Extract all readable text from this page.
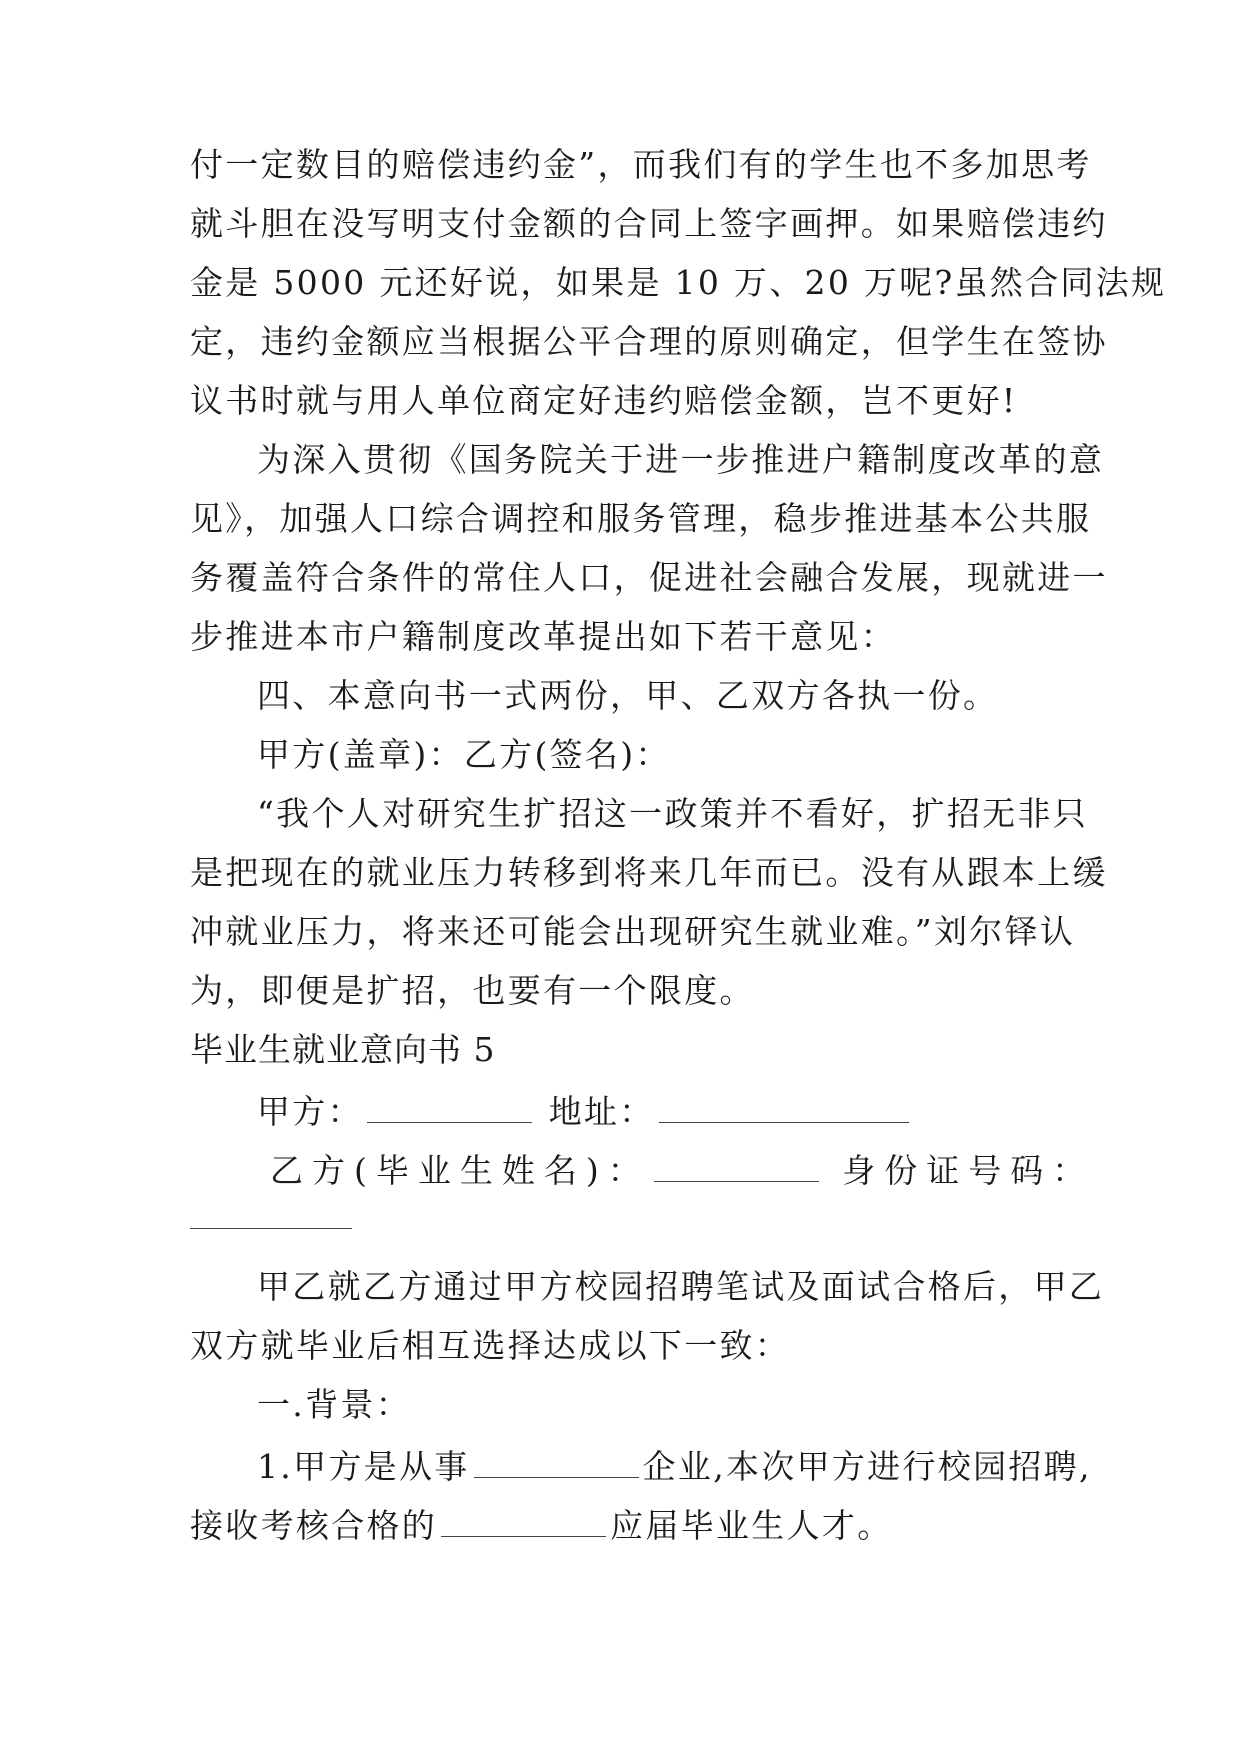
付一定数目的赔偿违约金”，而我们有的学生也不多加思考
就斗胆在没写明支付金额的合同上签字画押。如果赔偿违约
金是 5000 元还好说，如果是 10 万、20 万呢?虽然合同法规
定，违约金额应当根据公平合理的原则确定，但学生在签协
议书时就与用人单位商定好违约赔偿金额，岂不更好!
为深入贯彻《国务院关于进一步推进户籍制度改革的意
见》，加强人口综合调控和服务管理，稳步推进基本公共服
务覆盖符合条件的常住人口，促进社会融合发展，现就进一
步推进本市户籍制度改革提出如下若干意见：
四、本意向书一式两份，甲、乙双方各执一份。
甲方(盖章)：乙方(签名)：
“我个人对研究生扩招这一政策并不看好，扩招无非只
是把现在的就业压力转移到将来几年而已。没有从跟本上缓
冲就业压力，将来还可能会出现研究生就业难。”刘尔铎认
为，即便是扩招，也要有一个限度。
毕业生就业意向书 5
甲方：	地址：
乙方(毕业生姓名)：	身份证号码：
甲乙就乙方通过甲方校园招聘笔试及面试合格后，甲乙
双方就毕业后相互选择达成以下一致：
一.背景：
1.甲方是从事	企业,本次甲方进行校园招聘,
接收考核合格的	应届毕业生人才。
